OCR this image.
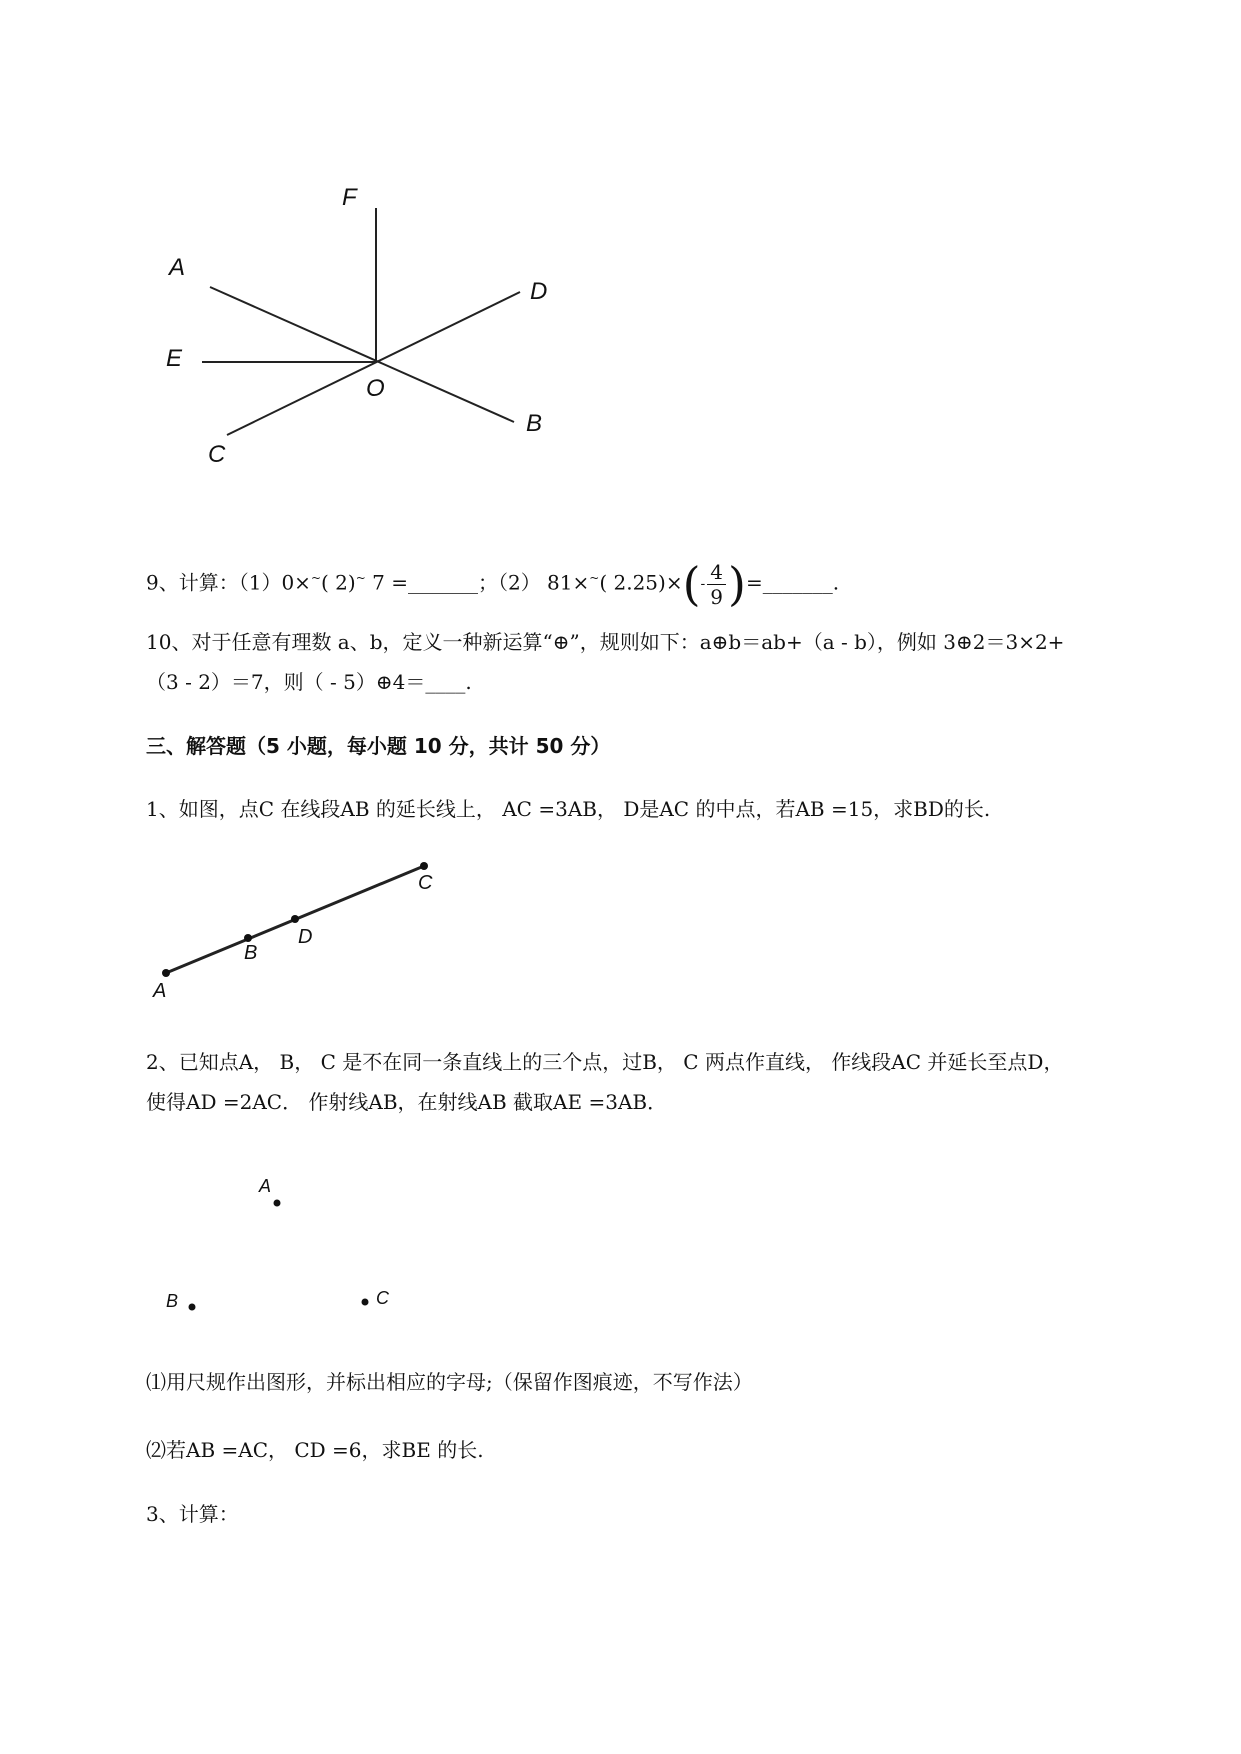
F
A
D
E
O
B
C
9、计算：（1）0×~( 2)~ 7 =_______；（2） 81×~( $2.25)\times(- \frac{4}{9}$ )=_______.
10、对于任意有理数 a、b，定义一种新运算“⊕”，规则如下：a⊕b＝ab+（a - b），例如 3⊕2＝3×2+
（3 - 2）＝7，则（ - 5）⊕4＝____.
三、解答题（5 小题，每小题 10 分，共计 50 分）
1、如图，点C 在线段AB 的延长线上， AC =3AB， D是AC 的中点，若AB =15，求BD的长.
C
D
B
A
2、已知点A， B， C 是不在同一条直线上的三个点，过B， C 两点作直线， 作线段AC 并延长至点D，
使得AD =2AC． 作射线AB，在射线AB 截取AE =3AB．
A
B	C
⑴用尺规作出图形，并标出相应的字母;（保留作图痕迹，不写作法）
⑵若AB =AC， CD =6，求BE 的长.
3、计算：
